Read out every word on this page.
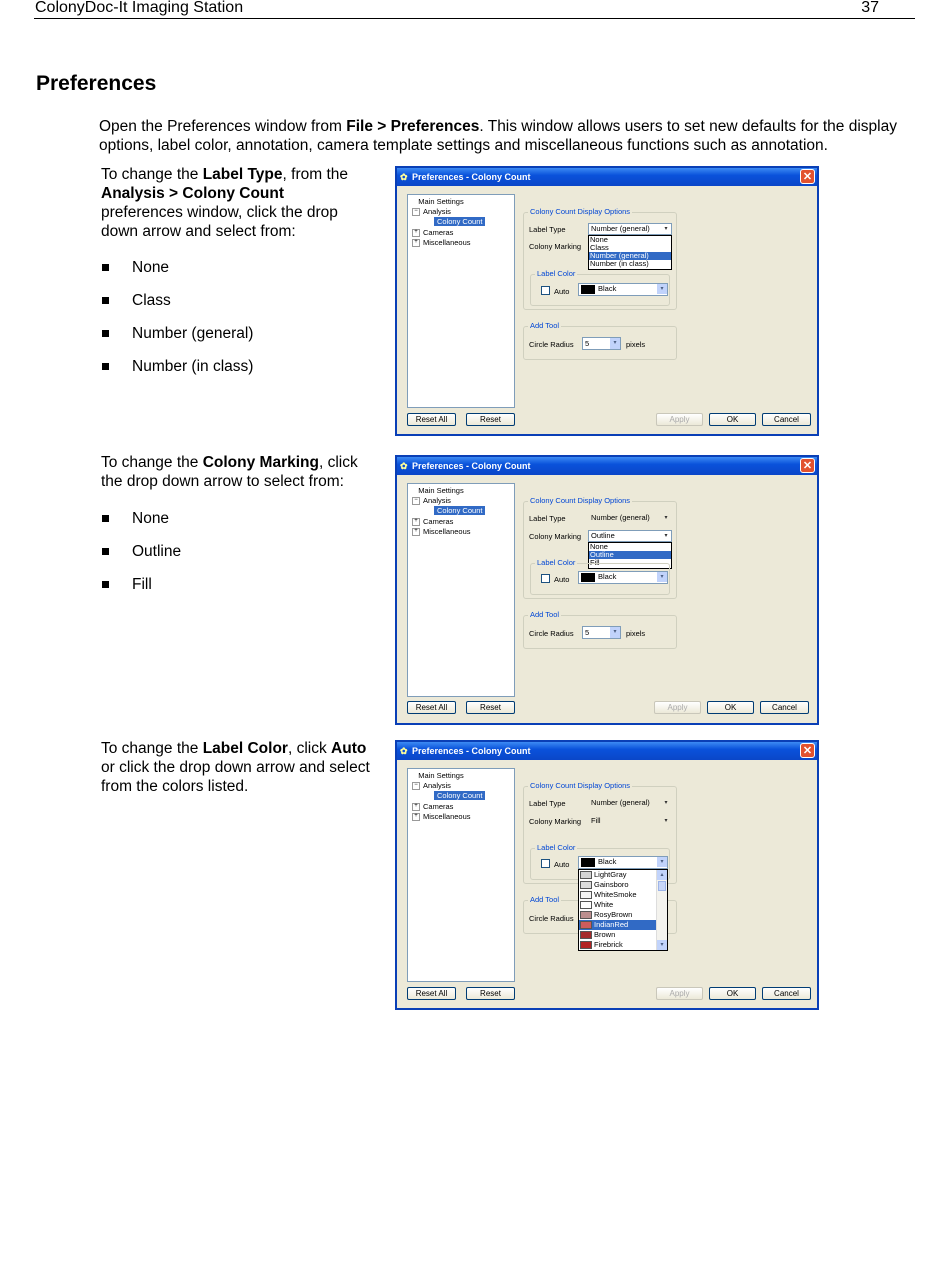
ColonyDoc-It Imaging Station	37
Preferences

Open the Preferences window from File > Preferences. This window allows users to set new defaults for the display options, label color, annotation, camera template settings and miscellaneous functions such as annotation.

To change the Label Type, from the
Analysis > Colony Count
preferences window, click the drop down arrow and select from:

None
Class
Number (general)
Number (in class)

To change the Colony Marking, click the drop down arrow to select from:

None
Outline
Fill

To change the Label Color, click Auto or click the drop down arrow and select from the colors listed.

✿ Preferences - Colony Count	✕
Main Settings
− Analysis
Colony Count
+ Cameras
+ Miscellaneous
Colony Count Display Options
Label Type	Number (general)	▾
Colony Marking
None
Class
Number (general)
Number (in class)
Label Color
Auto	Black	▾
Add Tool
Circle Radius	5	▾	pixels
Reset All	Reset	Apply	OK	Cancel
✿ Preferences - Colony Count	✕
Main Settings
− Analysis
Colony Count
+ Cameras
+ Miscellaneous
Colony Count Display Options
Label Type	Number (general)	▾
Colony Marking	Outline	▾
None
Outline
Fill
Label Color
Auto	Black	▾
Add Tool
Circle Radius	5	▾	pixels
Reset All	Reset	Apply	OK	Cancel
✿ Preferences - Colony Count	✕
Main Settings
− Analysis
Colony Count
+ Cameras
+ Miscellaneous
Colony Count Display Options
Label Type	Number (general)	▾
Colony Marking	Fill	▾
Label Color
Auto	Black	▾
Add Tool
Circle Radius
LightGray
Gainsboro
WhiteSmoke
White
RosyBrown
IndianRed
Brown
Firebrick
▴
▾
Reset All	Reset	Apply	OK	Cancel
